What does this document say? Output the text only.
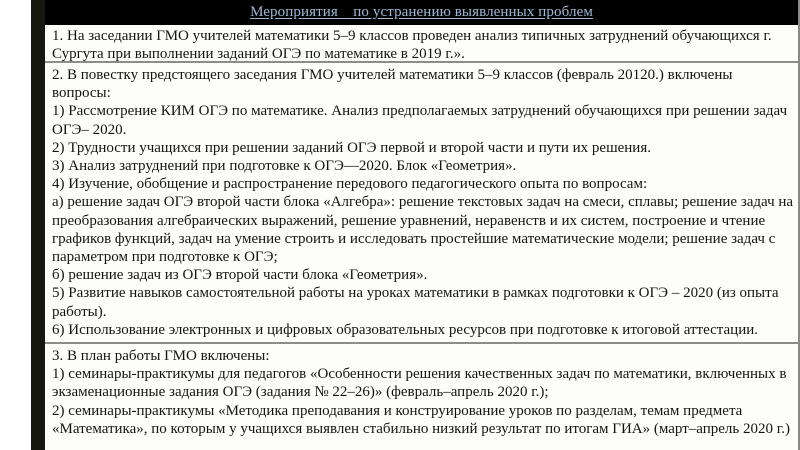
Мероприятия    по устранению выявленных проблем
1. На заседании ГМО учителей математики 5–9 классов проведен анализ типичных затруднений обучающихся г.
Сургута при выполнении заданий ОГЭ по математике в 2019 г.».
2. В повестку предстоящего заседания ГМО учителей математики 5–9 классов (февраль 20120.) включены
вопросы:
1) Рассмотрение КИМ ОГЭ по математике. Анализ предполагаемых затруднений обучающихся при решении задач
ОГЭ– 2020.
2) Трудности учащихся при решении заданий ОГЭ первой и второй части и пути их решения.
3) Анализ затруднений при подготовке к ОГЭ—2020. Блок «Геометрия».
4) Изучение, обобщение и распространение передового педагогического опыта по вопросам:
а) решение задач ОГЭ второй части блока «Алгебра»: решение текстовых задач на смеси, сплавы; решение задач на
преобразования алгебраических выражений, решение уравнений, неравенств и их систем, построение и чтение
графиков функций, задач на умение строить и исследовать простейшие математические модели; решение задач с
параметром при подготовке к ОГЭ;
б) решение задач из ОГЭ второй части блока «Геометрия».
5) Развитие навыков самостоятельной работы на уроках математики в рамках подготовки к ОГЭ – 2020 (из опыта
работы).
6) Использование электронных и цифровых образовательных ресурсов при подготовке к итоговой аттестации.
3. В план работы ГМО включены:
1) семинары-практикумы для педагогов «Особенности решения качественных задач по математики, включенных в
экзаменационные задания ОГЭ (задания № 22–26)» (февраль–апрель 2020 г.);
2) семинары-практикумы «Методика преподавания и конструирование уроков по разделам, темам предмета
«Математика», по которым у учащихся выявлен стабильно низкий результат по итогам ГИА» (март–апрель 2020 г.)
